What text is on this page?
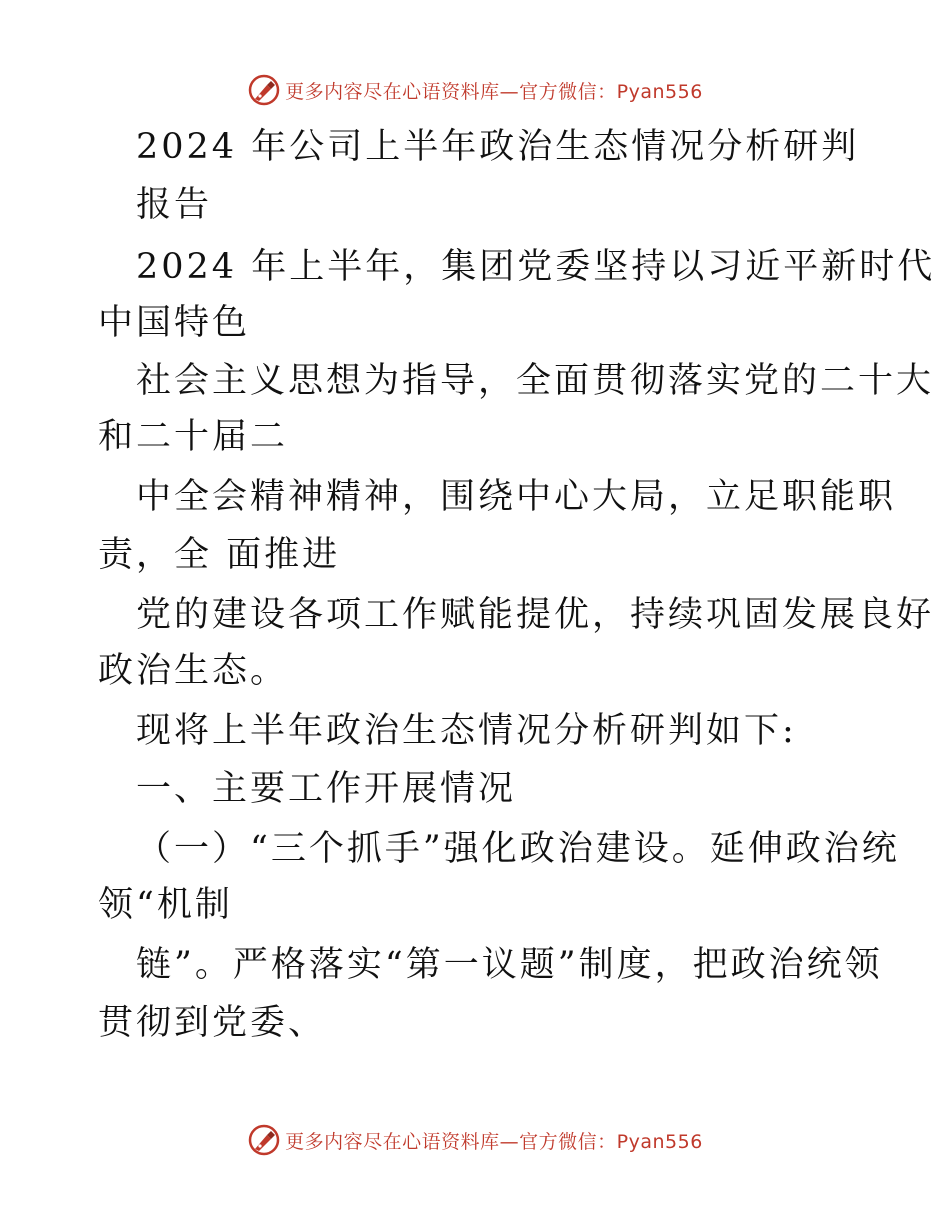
更多内容尽在心语资料库—官方微信：Pyan556
2024 年公司上半年政治生态情况分析研判
报告
2024 年上半年，集团党委坚持以习近平新时代
中国特色
社会主义思想为指导，全面贯彻落实党的二十大
和二十届二
中全会精神精神，围绕中心大局，立足职能职
责，全 面推进
党的建设各项工作赋能提优，持续巩固发展良好
政治生态。
现将上半年政治生态情况分析研判如下:
一、主要工作开展情况
（一）“三个抓手”强化政治建设。延伸政治统
领“机制
链”。严格落实“第一议题”制度，把政治统领
贯彻到党委、
更多内容尽在心语资料库—官方微信：Pyan556
